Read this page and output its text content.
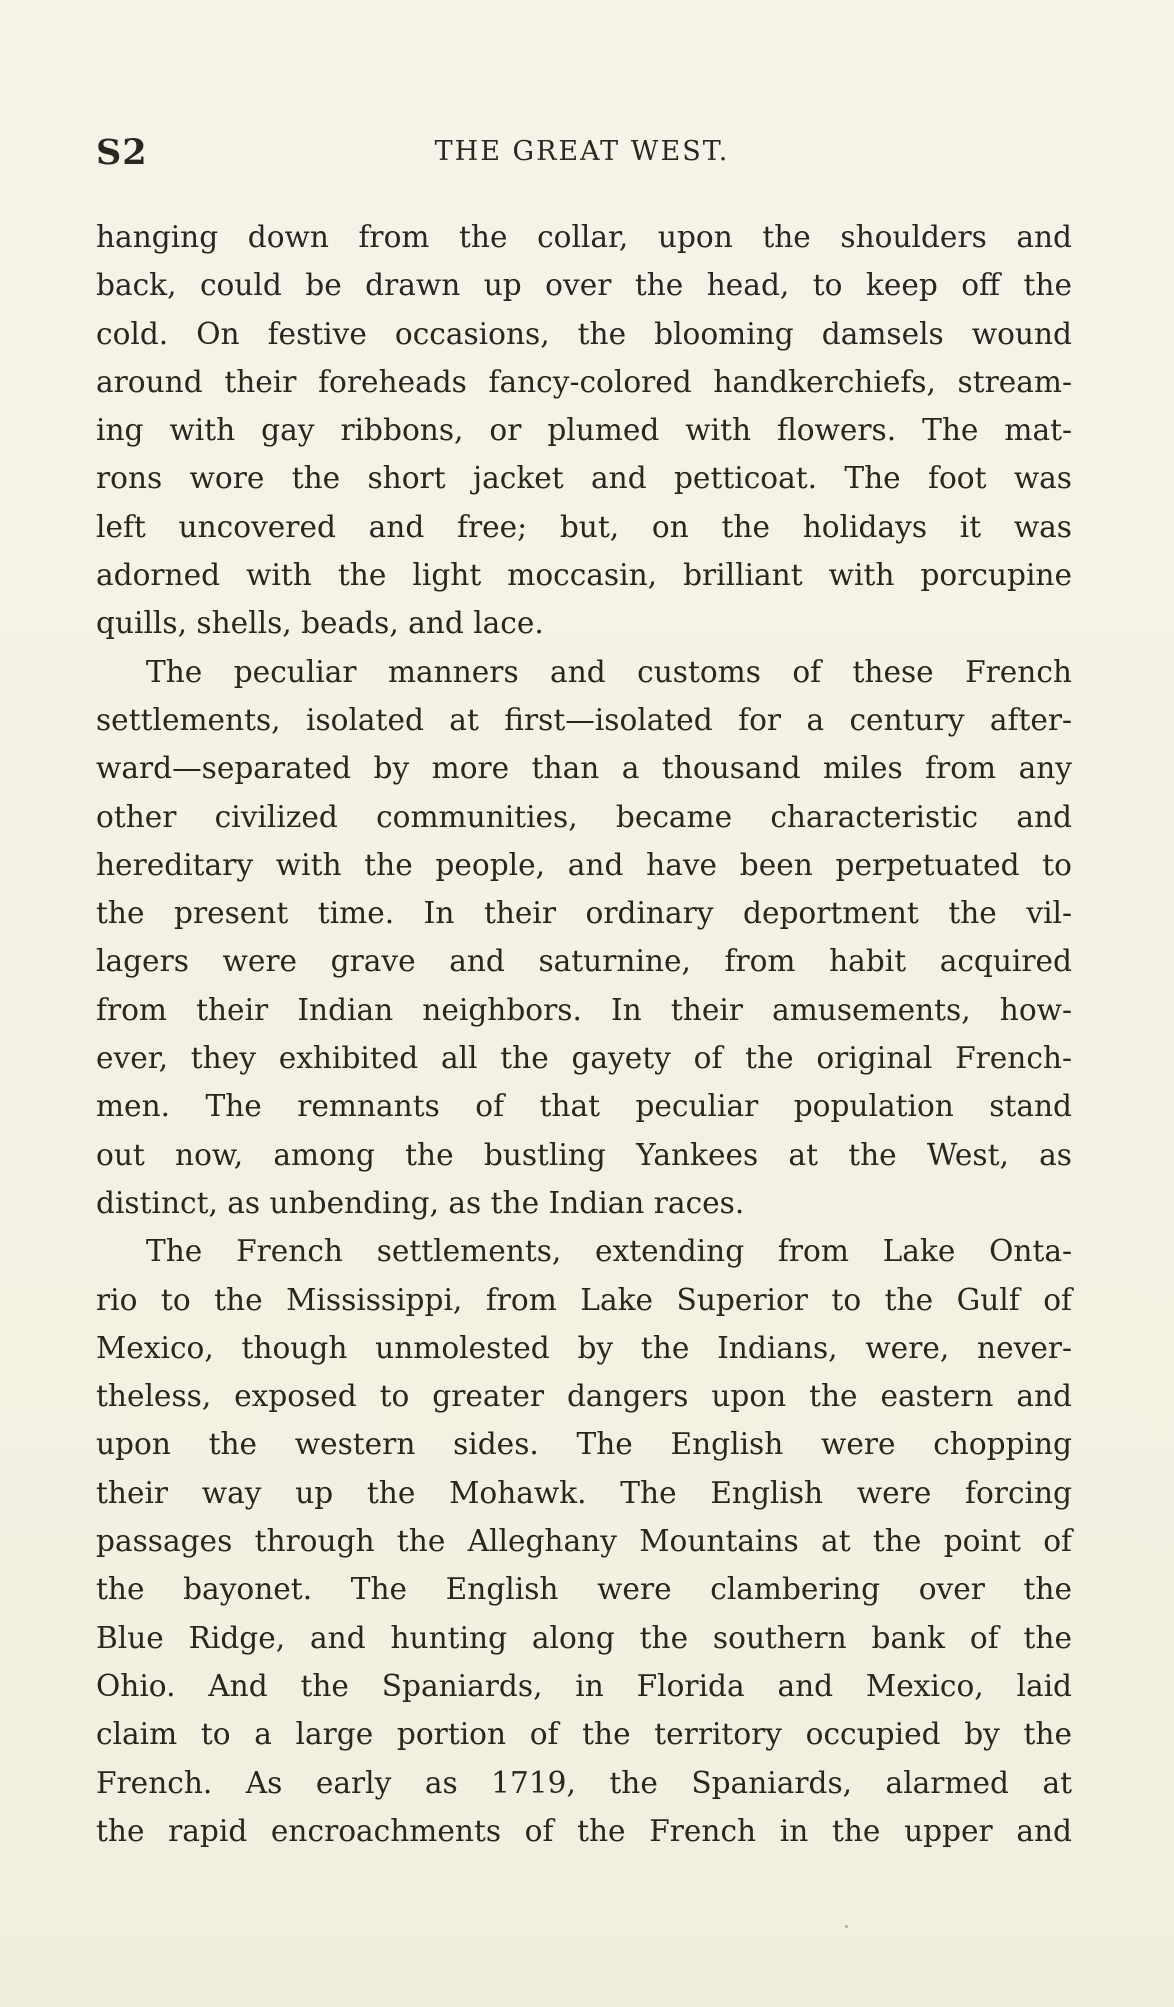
S2	THE GREAT WEST.
hanging down from the collar, upon the shoulders and
back, could be drawn up over the head, to keep off the
cold. On festive occasions, the blooming damsels wound
around their foreheads fancy-colored handkerchiefs, stream-
ing with gay ribbons, or plumed with flowers. The mat-
rons wore the short jacket and petticoat. The foot was
left uncovered and free; but, on the holidays it was
adorned with the light moccasin, brilliant with porcupine
quills, shells, beads, and lace.
The peculiar manners and customs of these French
settlements, isolated at first—isolated for a century after-
ward—separated by more than a thousand miles from any
other civilized communities, became characteristic and
hereditary with the people, and have been perpetuated to
the present time. In their ordinary deportment the vil-
lagers were grave and saturnine, from habit acquired
from their Indian neighbors. In their amusements, how-
ever, they exhibited all the gayety of the original French-
men. The remnants of that peculiar population stand
out now, among the bustling Yankees at the West, as
distinct, as unbending, as the Indian races.
The French settlements, extending from Lake Onta-
rio to the Mississippi, from Lake Superior to the Gulf of
Mexico, though unmolested by the Indians, were, never-
theless, exposed to greater dangers upon the eastern and
upon the western sides. The English were chopping
their way up the Mohawk. The English were forcing
passages through the Alleghany Mountains at the point of
the bayonet. The English were clambering over the
Blue Ridge, and hunting along the southern bank of the
Ohio. And the Spaniards, in Florida and Mexico, laid
claim to a large portion of the territory occupied by the
French. As early as 1719, the Spaniards, alarmed at
the rapid encroachments of the French in the upper and
